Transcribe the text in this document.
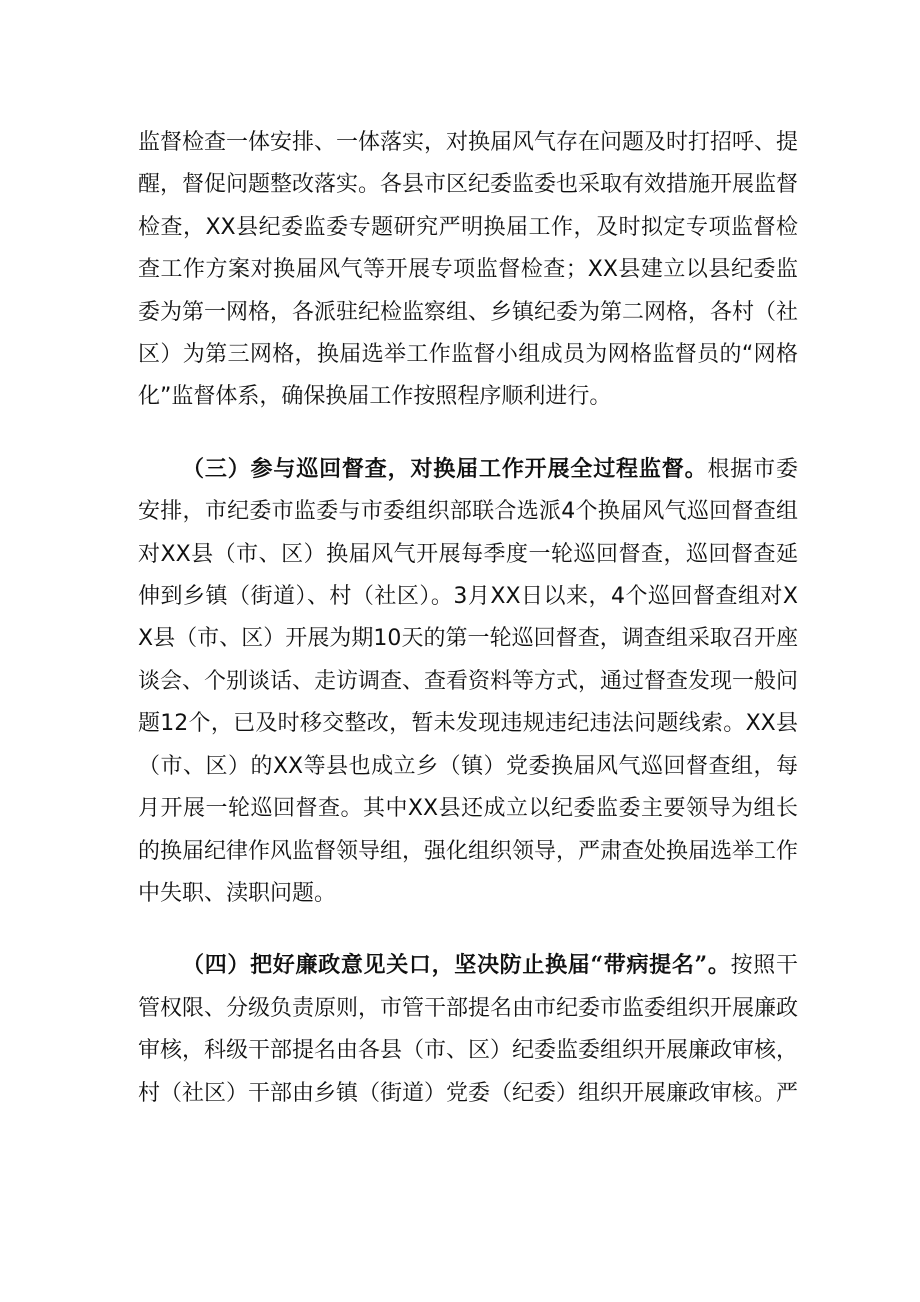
监督检查一体安排、一体落实，对换届风气存在问题及时打招呼、提醒，督促问题整改落实。各县市区纪委监委也采取有效措施开展监督检查，XX县纪委监委专题研究严明换届工作，及时拟定专项监督检查工作方案对换届风气等开展专项监督检查；XX县建立以县纪委监委为第一网格，各派驻纪检监察组、乡镇纪委为第二网格，各村（社区）为第三网格，换届选举工作监督小组成员为网格监督员的“网格化”监督体系，确保换届工作按照程序顺利进行。

（三）参与巡回督查，对换届工作开展全过程监督。根据市委安排，市纪委市监委与市委组织部联合选派4个换届风气巡回督查组对XX县（市、区）换届风气开展每季度一轮巡回督查，巡回督查延伸到乡镇（街道）、村（社区）。3月XX日以来，4个巡回督查组对XX县（市、区）开展为期10天的第一轮巡回督查，调查组采取召开座谈会、个别谈话、走访调查、查看资料等方式，通过督查发现一般问题12个，已及时移交整改，暂未发现违规违纪违法问题线索。XX县（市、区）的XX等县也成立乡（镇）党委换届风气巡回督查组，每月开展一轮巡回督查。其中XX县还成立以纪委监委主要领导为组长的换届纪律作风监督领导组，强化组织领导，严肃查处换届选举工作中失职、渎职问题。

（四）把好廉政意见关口，坚决防止换届“带病提名”。按照干管权限、分级负责原则，市管干部提名由市纪委市监委组织开展廉政审核，科级干部提名由各县（市、区）纪委监委组织开展廉政审核，村（社区）干部由乡镇（街道）党委（纪委）组织开展廉政审核。严
